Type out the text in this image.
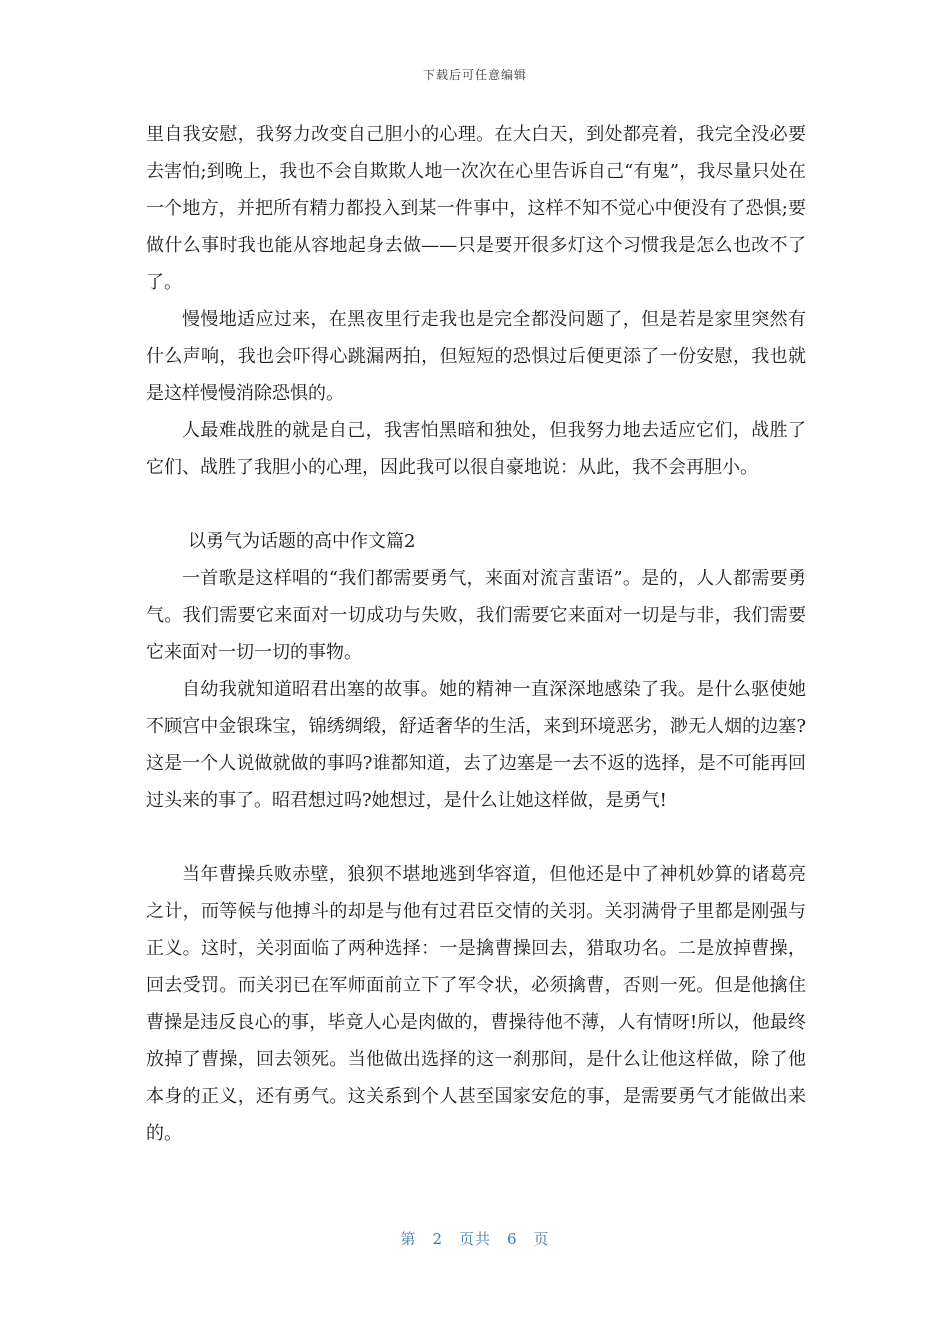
下载后可任意编辑

里自我安慰，我努力改变自己胆小的心理。在大白天，到处都亮着，我完全没必要去害怕;到晚上，我也不会自欺欺人地一次次在心里告诉自己“有鬼”，我尽量只处在一个地方，并把所有精力都投入到某一件事中，这样不知不觉心中便没有了恐惧;要做什么事时我也能从容地起身去做——只是要开很多灯这个习惯我是怎么也改不了了。

慢慢地适应过来，在黑夜里行走我也是完全都没问题了，但是若是家里突然有什么声响，我也会吓得心跳漏两拍，但短短的恐惧过后便更添了一份安慰，我也就是这样慢慢消除恐惧的。

人最难战胜的就是自己，我害怕黑暗和独处，但我努力地去适应它们，战胜了它们、战胜了我胆小的心理，因此我可以很自豪地说：从此，我不会再胆小。

以勇气为话题的高中作文篇2

一首歌是这样唱的“我们都需要勇气，来面对流言蜚语”。是的，人人都需要勇气。我们需要它来面对一切成功与失败，我们需要它来面对一切是与非，我们需要它来面对一切一切的事物。

自幼我就知道昭君出塞的故事。她的精神一直深深地感染了我。是什么驱使她不顾宫中金银珠宝，锦绣绸缎，舒适奢华的生活，来到环境恶劣，渺无人烟的边塞?这是一个人说做就做的事吗?谁都知道，去了边塞是一去不返的选择，是不可能再回过头来的事了。昭君想过吗?她想过，是什么让她这样做，是勇气!

当年曹操兵败赤壁，狼狈不堪地逃到华容道，但他还是中了神机妙算的诸葛亮之计，而等候与他搏斗的却是与他有过君臣交情的关羽。关羽满骨子里都是刚强与正义。这时，关羽面临了两种选择：一是擒曹操回去，猎取功名。二是放掉曹操，回去受罚。而关羽已在军师面前立下了军令状，必须擒曹，否则一死。但是他擒住曹操是违反良心的事，毕竟人心是肉做的，曹操待他不薄，人有情呀!所以，他最终放掉了曹操，回去领死。当他做出选择的这一刹那间，是什么让他这样做，除了他本身的正义，还有勇气。这关系到个人甚至国家安危的事，是需要勇气才能做出来的。

第 2 页共 6 页
